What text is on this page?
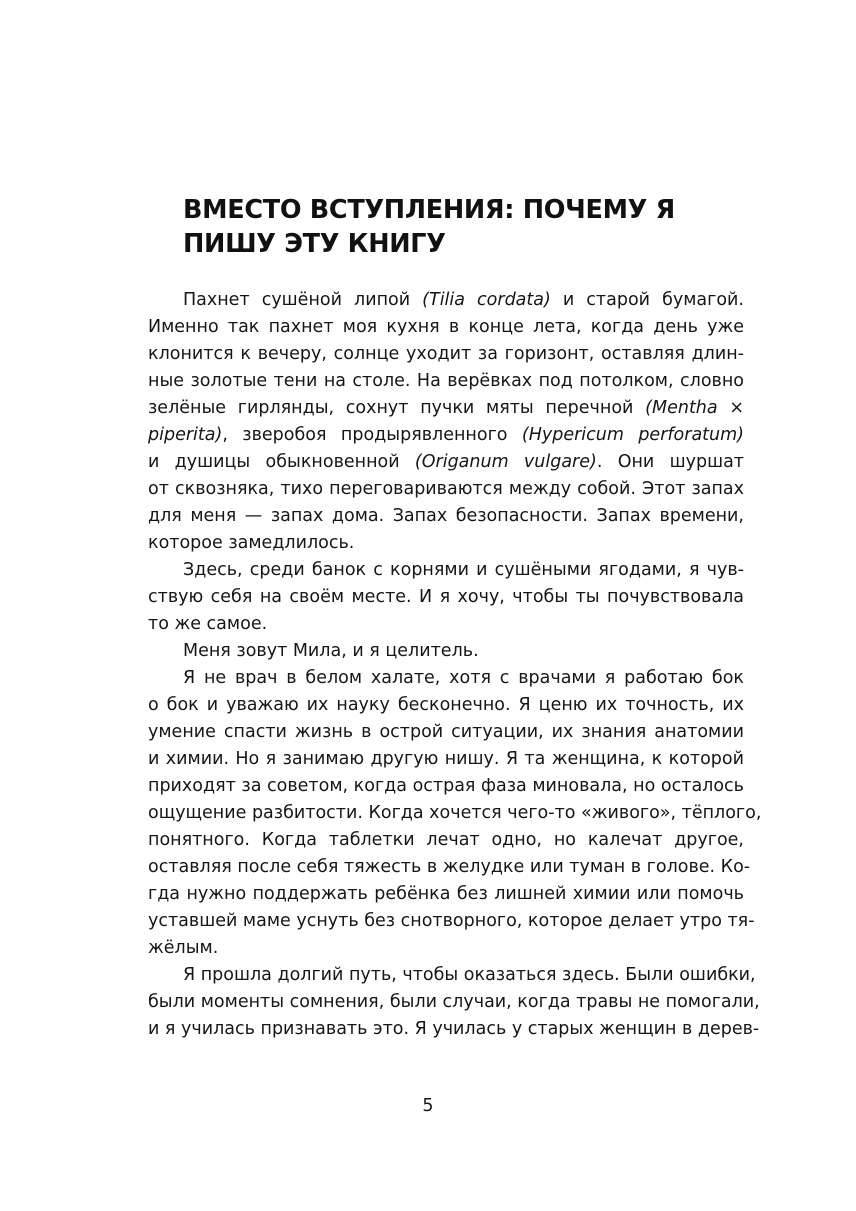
ВМЕСТО ВСТУПЛЕНИЯ: ПОЧЕМУ Я
ПИШУ ЭТУ КНИГУ
Пахнет сушёной липой (Tilia cordata) и старой бумагой.
Именно так пахнет моя кухня в конце лета, когда день уже
клонится к вечеру, солнце уходит за горизонт, оставляя длин-
ные золотые тени на столе. На верёвках под потолком, словно
зелёные гирлянды, сохнут пучки мяты перечной (Mentha ×
piperita), зверобоя продырявленного (Hypericum perforatum)
и душицы обыкновенной (Origanum vulgare). Они шуршат
от сквозняка, тихо переговариваются между собой. Этот запах
для меня — запах дома. Запах безопасности. Запах времени,
которое замедлилось.
Здесь, среди банок с корнями и сушёными ягодами, я чув-
ствую себя на своём месте. И я хочу, чтобы ты почувствовала
то же самое.
Меня зовут Мила, и я целитель.
Я не врач в белом халате, хотя с врачами я работаю бок
о бок и уважаю их науку бесконечно. Я ценю их точность, их
умение спасти жизнь в острой ситуации, их знания анатомии
и химии. Но я занимаю другую нишу. Я та женщина, к которой
приходят за советом, когда острая фаза миновала, но осталось
ощущение разбитости. Когда хочется чего-то «живого», тёплого,
понятного. Когда таблетки лечат одно, но калечат другое,
оставляя после себя тяжесть в желудке или туман в голове. Ко-
гда нужно поддержать ребёнка без лишней химии или помочь
уставшей маме уснуть без снотворного, которое делает утро тя-
жёлым.
Я прошла долгий путь, чтобы оказаться здесь. Были ошибки,
были моменты сомнения, были случаи, когда травы не помогали,
и я училась признавать это. Я училась у старых женщин в дерев-
5
